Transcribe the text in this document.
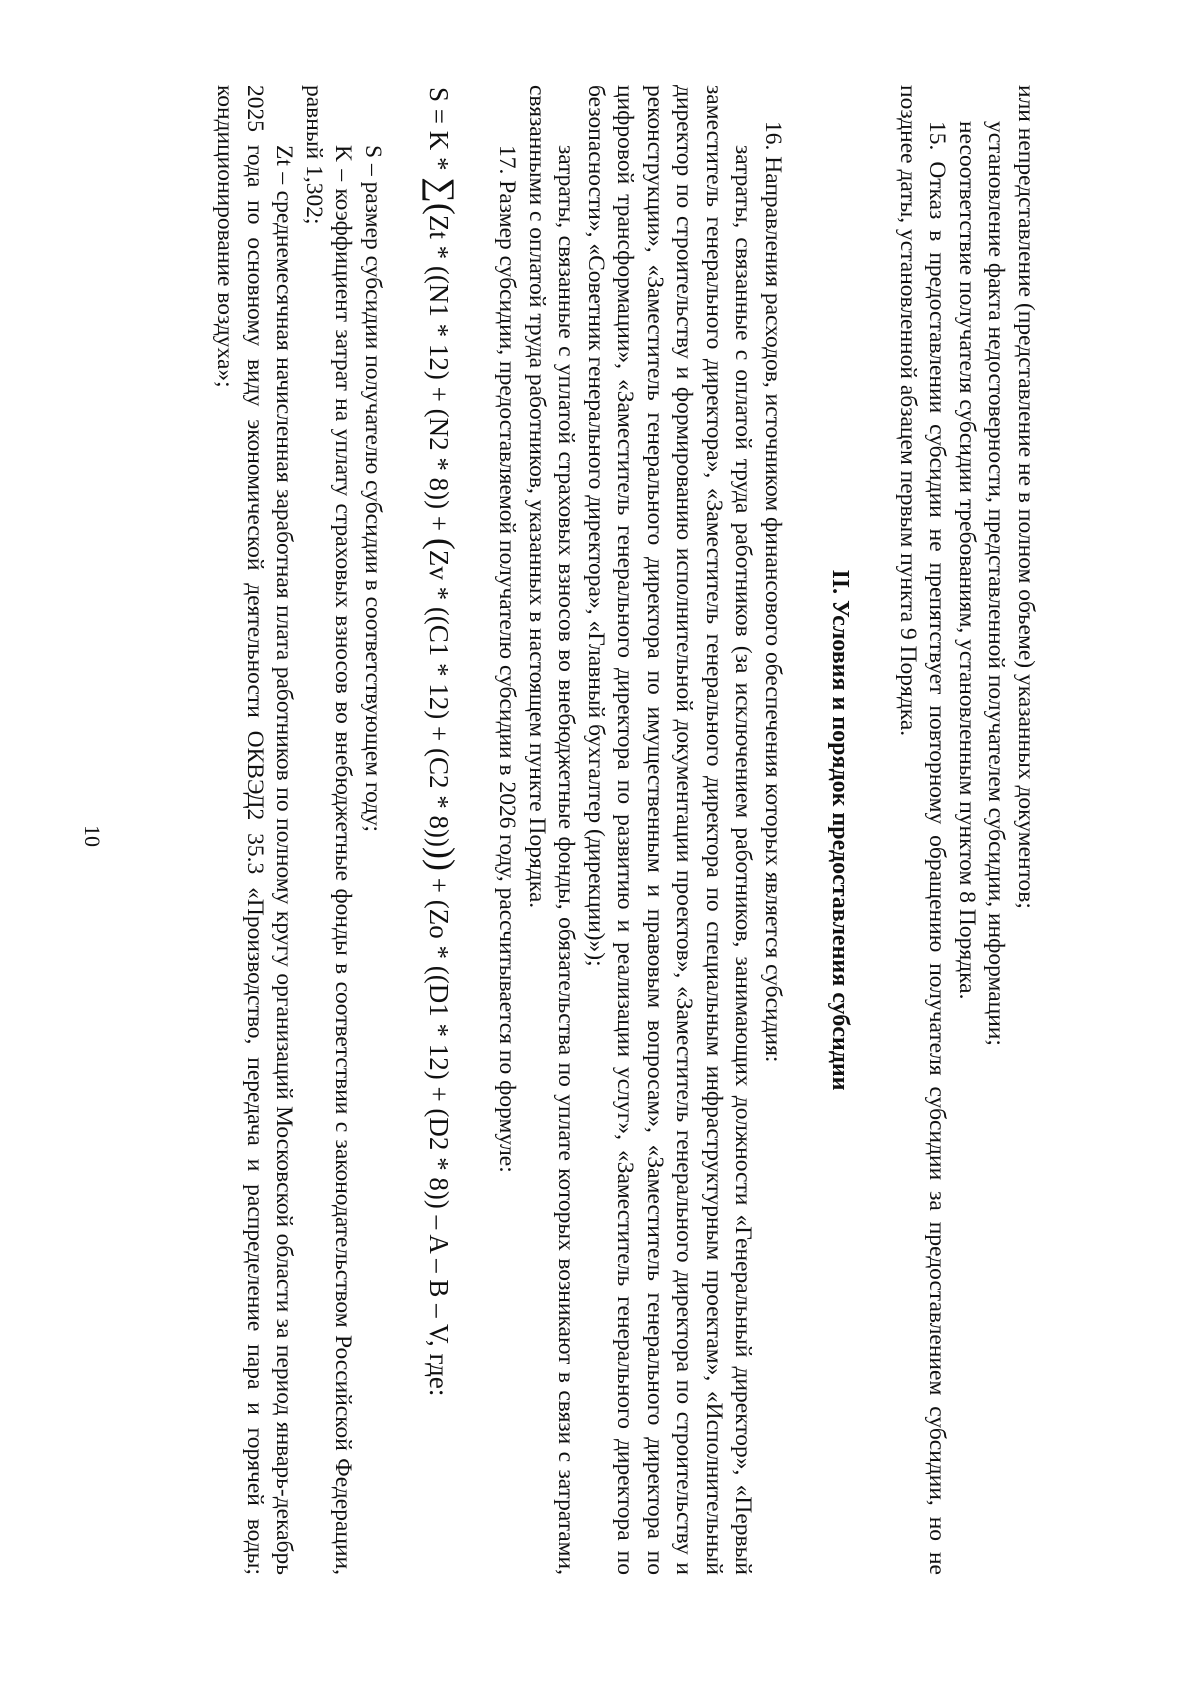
10	или непредставление (представление не в полном объеме) указанных документов;

установление факта недостоверности, представленной получателем субсидии, информации;

несоответствие получателя субсидии требованиям, установленным пунктом 8 Порядка.

15. Отказ в предоставлении субсидии не препятствует повторному обращению получателя субсидии за предоставлением субсидии, но не позднее даты, установленной абзацем первым пункта 9 Порядка.

II. Условия и порядок предоставления субсидии

16. Направления расходов, источником финансового обеспечения которых является субсидия:

затраты, связанные с оплатой труда работников (за исключением работников, занимающих должности «Генеральный директор», «Первый заместитель генерального директора», «Заместитель генерального директора по специальным инфраструктурным проектам», «Исполнительный директор по строительству и формированию исполнительной документации проектов», «Заместитель генерального директора по строительству и реконструкции», «Заместитель генерального директора по имущественным и правовым вопросам», «Заместитель генерального директора по цифровой трансформации», «Заместитель генерального директора по развитию и реализации услуг», «Заместитель генерального директора по безопасности», «Советник генерального директора», «Главный бухгалтер (дирекции)»);

затраты, связанные с уплатой страховых взносов во внебюджетные фонды, обязательства по уплате которых возникают в связи с затратами, связанными с оплатой труда работников, указанных в настоящем пункте Порядка.

17. Размер субсидии, предоставляемой получателю субсидии в 2026 году, рассчитывается по формуле:

S = K * ∑(Zt * ((N1 * 12) + (N2 * 8)) + (Zv * ((C1 * 12) + (C2 * 8)))) + (Zo * ((D1 * 12) + (D2 * 8)) – A – B – V, где:

S – размер субсидии получателю субсидии в соответствующем году;

K – коэффициент затрат на уплату страховых взносов во внебюджетные фонды в соответствии с законодательством Российской Федерации, равный 1,302;

Zt – среднемесячная начисленная заработная плата работников по полному кругу организаций Московской области за период январь-декабрь 2025 года по основному виду экономической деятельности ОКВЭД2 35.3 «Производство, передача и распределение пара и горячей воды; кондиционирование воздуха»;
